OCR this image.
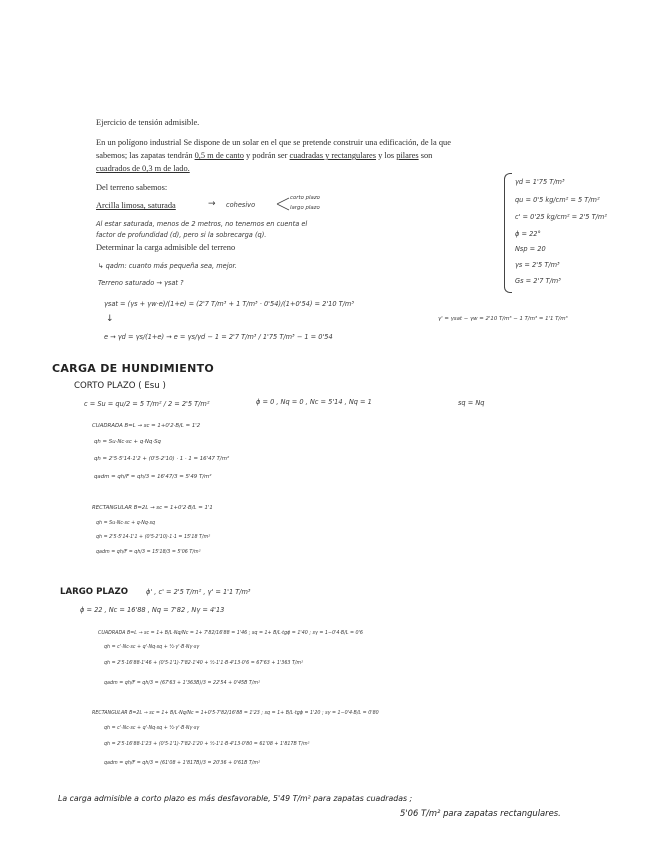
Ejercicio de tensión admisible.
En un polígono industrial Se dispone de un solar en el que se pretende construir una edificación, de la que
sabemos; las zapatas tendrán 0,5 m de canto y podrán ser cuadradas y rectangulares y los pilares son
cuadrados de 0,3 m de lado.
Del terreno sabemos:
Arcilla limosa, saturada	→ cohesivo
corto plazo
largo plazo
Al estar saturada, menos de 2 metros, no tenemos en cuenta el
factor de profundidad (d), pero si la sobrecarga (q).
Determinar la carga admisible del terreno
↳ qadm: cuanto más pequeña sea, mejor.
Terreno saturado → γsat ?
γd = 1'75 T/m³
qu = 0'5 kg/cm² = 5 T/m²
c' = 0'25 kg/cm² = 2'5 T/m²
ϕ = 22°
Nsp = 20
γs = 2'5 T/m³
Gs = 2'7 T/m³
γsat = (γs + γw·e)/(1+e) = (2'7 T/m³ + 1 T/m³ · 0'54)/(1+0'54) = 2'10 T/m³
↓
e → γd = γs/(1+e) → e = γs/γd − 1 = 2'7 T/m³ / 1'75 T/m³ − 1 = 0'54
γ' = γsat − γw = 2'10 T/m³ − 1 T/m³ = 1'1 T/m³
CARGA DE HUNDIMIENTO
CORTO PLAZO ( Esu )
c = Su = qu/2 = 5 T/m² / 2 = 2'5 T/m²	ϕ = 0 , Nq = 0 , Nc = 5'14 , Nq = 1	sq = Nq
CUADRADA B=L → sc = 1+0'2·B/L = 1'2
qh = Su·Nc·sc + q·Nq·Sq
qh = 2'5·5'14·1'2 + (0'5·2'10) · 1 · 1 = 16'47 T/m²
qadm = qh/F = qh/3 = 16'47/3 = 5'49 T/m²
RECTANGULAR B=2L → sc = 1+0'2·B/L = 1'1
qh = Su·Nc·sc + q·Nq·sq
qh = 2'5·5'14·1'1 + (0'5·2'10)·1·1 = 15'18 T/m²
qadm = qh/F = qh/3 = 15'18/3 = 5'06 T/m²
LARGO PLAZO	ϕ' , c' = 2'5 T/m² , γ' = 1'1 T/m³
ϕ = 22 , Nc = 16'88 , Nq = 7'82 , Nγ = 4'13
CUADRADA B=L → sc = 1+ B/L·Nq/Nc = 1+ 7'82/16'88 = 1'46 ; sq = 1+ B/L·tgϕ = 1'40 ; sγ = 1−0'4·B/L = 0'6
qh = c'·Nc·sc + q'·Nq·sq + ½·γ'·B·Nγ·sγ
qh = 2'5·16'88·1'46 + (0'5·1'1)·7'82·1'40 + ½·1'1·B·4'13·0'6 = 67'63 + 1'363 T/m²
qadm = qh/F = qh/3 = (67'63 + 1'363B)/3 = 22'54 + 0'45B T/m²
RECTANGULAR B=2L → sc = 1+ B/L·Nq/Nc = 1+0'5·7'82/16'88 = 1'23 ; sq = 1+ B/L·tgϕ = 1'20 ; sγ = 1−0'4·B/L = 0'80
qh = c'·Nc·sc + q'·Nq·sq + ½·γ'·B·Nγ·sγ
qh = 2'5·16'88·1'23 + (0'5·1'1)·7'82·1'20 + ½·1'1·B·4'13·0'80 = 61'08 + 1'817B T/m²
qadm = qh/F = qh/3 = (61'08 + 1'817B)/3 = 20'36 + 0'61B T/m²
La carga admisible a corto plazo es más desfavorable, 5'49 T/m² para zapatas cuadradas ;
5'06 T/m² para zapatas rectangulares.
